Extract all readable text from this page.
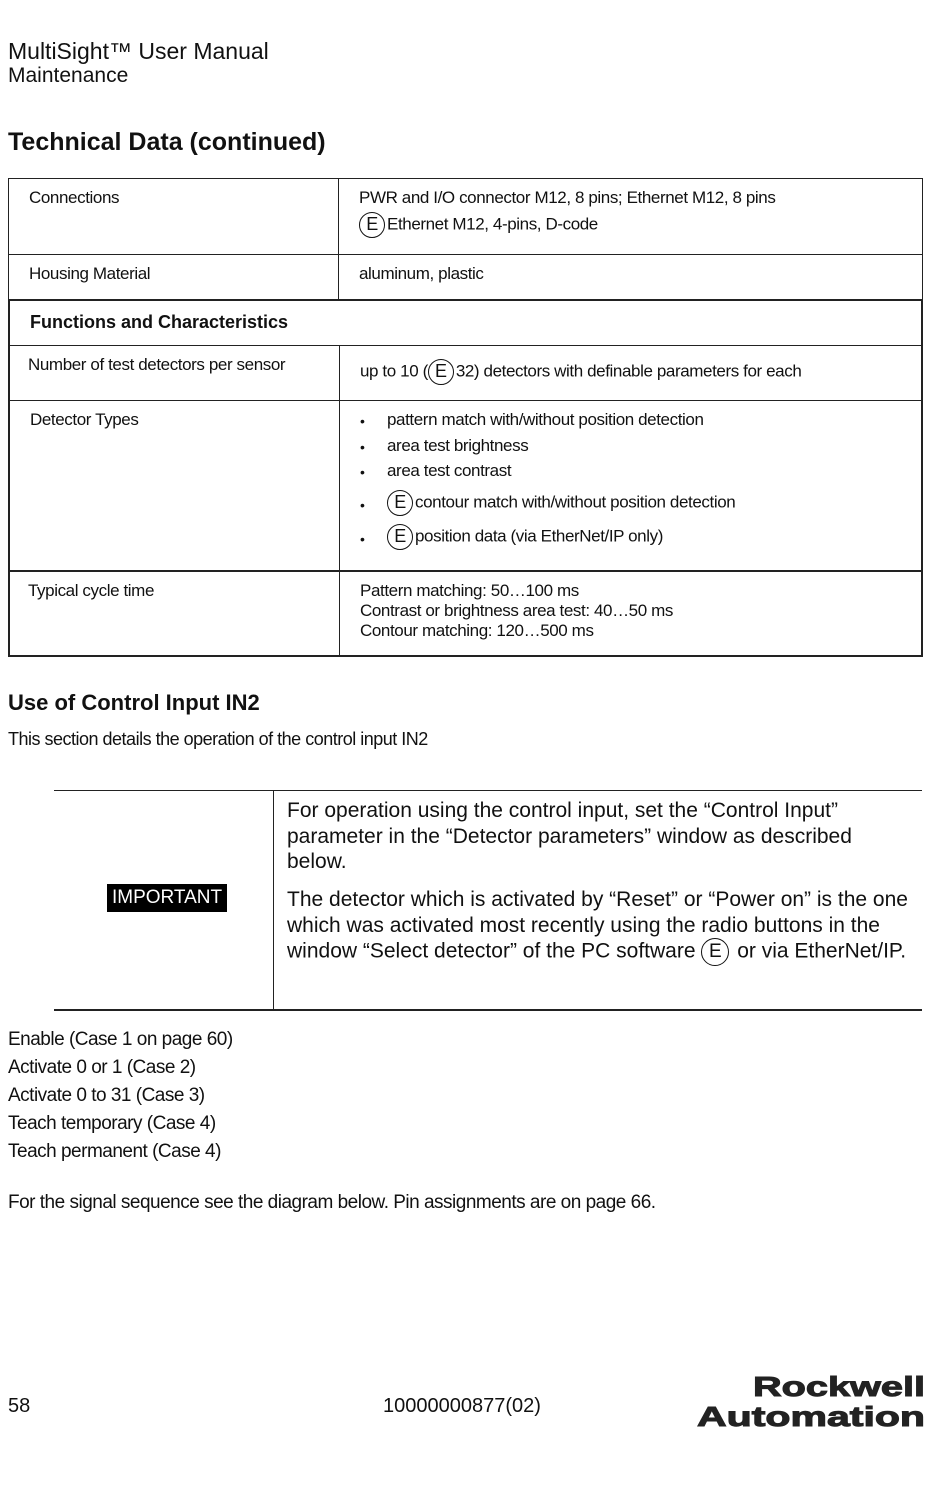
MultiSight™ User Manual
Maintenance
Technical Data (continued)
Connections	PWR and I/O connector M12, 8 pins; Ethernet M12, 8 pins
E Ethernet M12, 4-pins, D-code
Housing Material	aluminum, plastic
Functions and Characteristics
Number of test detectors per sensor	up to 10 ( E 32) detectors with definable parameters for each
Detector Types	• pattern match with/without position detection
• area test brightness
• area test contrast
•	E contour match with/without position detection
•	E position data (via EtherNet/IP only)
Typical cycle time	Pattern matching: 50…100 ms
Contrast or brightness area test: 40…50 ms
Contour matching: 120…500 ms
Use of Control Input IN2
This section details the operation of the control input IN2
IMPORTANT
For operation using the control input, set the “Control Input” parameter in the “Detector parameters” window as described below.
The detector which is activated by “Reset” or “Power on” is the one which was activated most recently using the radio buttons in the window “Select detector” of the PC software E or via EtherNet/IP.
Enable (Case 1 on page 60)
Activate 0 or 1 (Case 2)
Activate 0 to 31 (Case 3)
Teach temporary (Case 4)
Teach permanent (Case 4)
For the signal sequence see the diagram below. Pin assignments are on page 66.
58	10000000877(02)
Rockwell
Automation
